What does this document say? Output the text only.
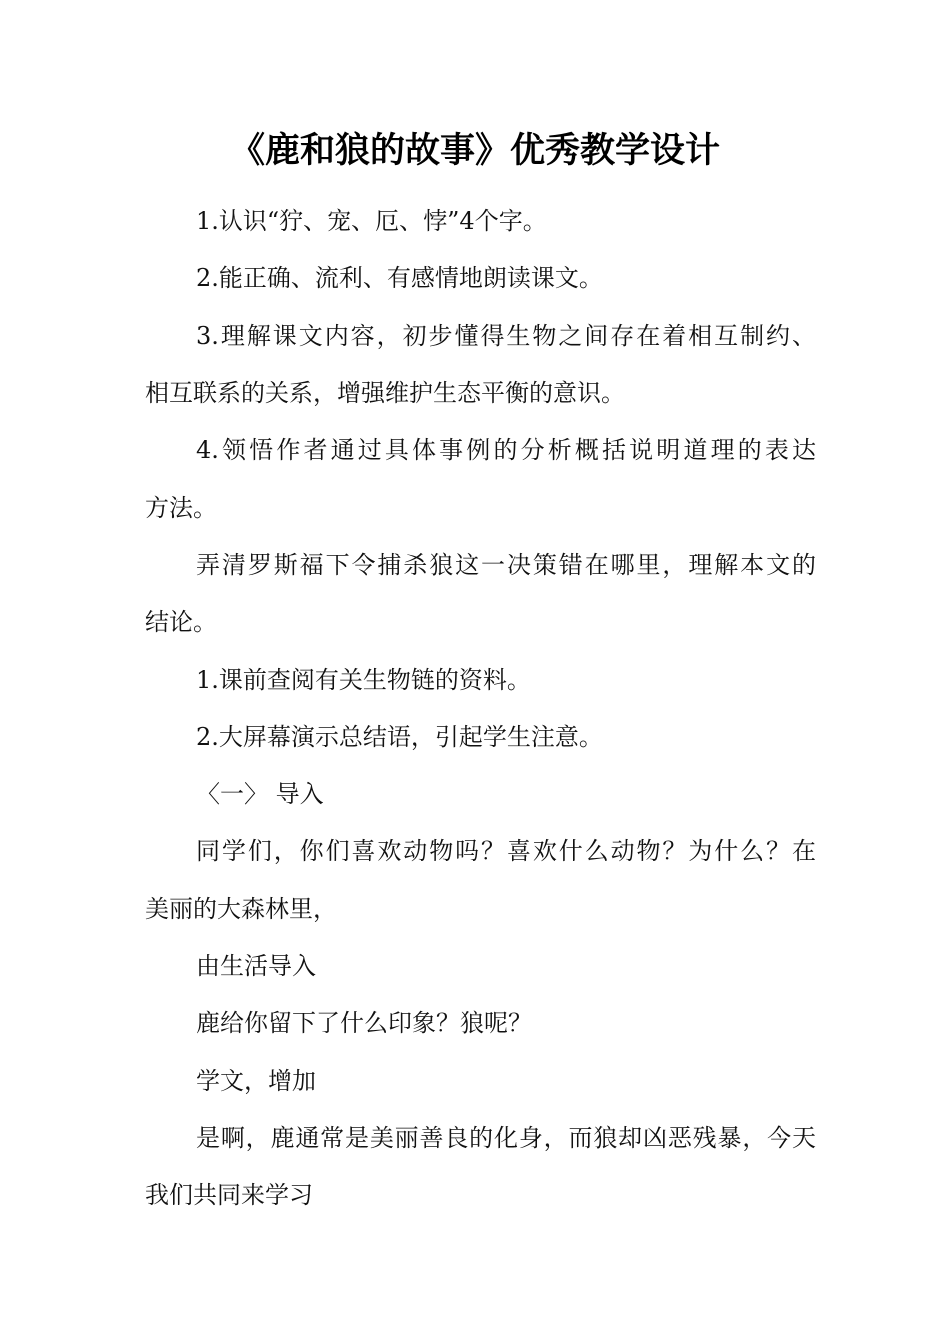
《鹿和狼的故事》优秀教学设计
1.认识“狞、宠、厄、悖”4个字。
2.能正确、流利、有感情地朗读课文。
3.理解课文内容，初步懂得生物之间存在着相互制约、
相互联系的关系，增强维护生态平衡的意识。
4.领悟作者通过具体事例的分析概括说明道理的表达
方法。
弄清罗斯福下令捕杀狼这一决策错在哪里，理解本文的
结论。
1.课前查阅有关生物链的资料。
2.大屏幕演示总结语，引起学生注意。
〈一〉 导入
同学们，你们喜欢动物吗？喜欢什么动物？为什么？在
美丽的大森林里，
由生活导入
鹿给你留下了什么印象？狼呢？
学文，增加
是啊，鹿通常是美丽善良的化身，而狼却凶恶残暴，今天
我们共同来学习
